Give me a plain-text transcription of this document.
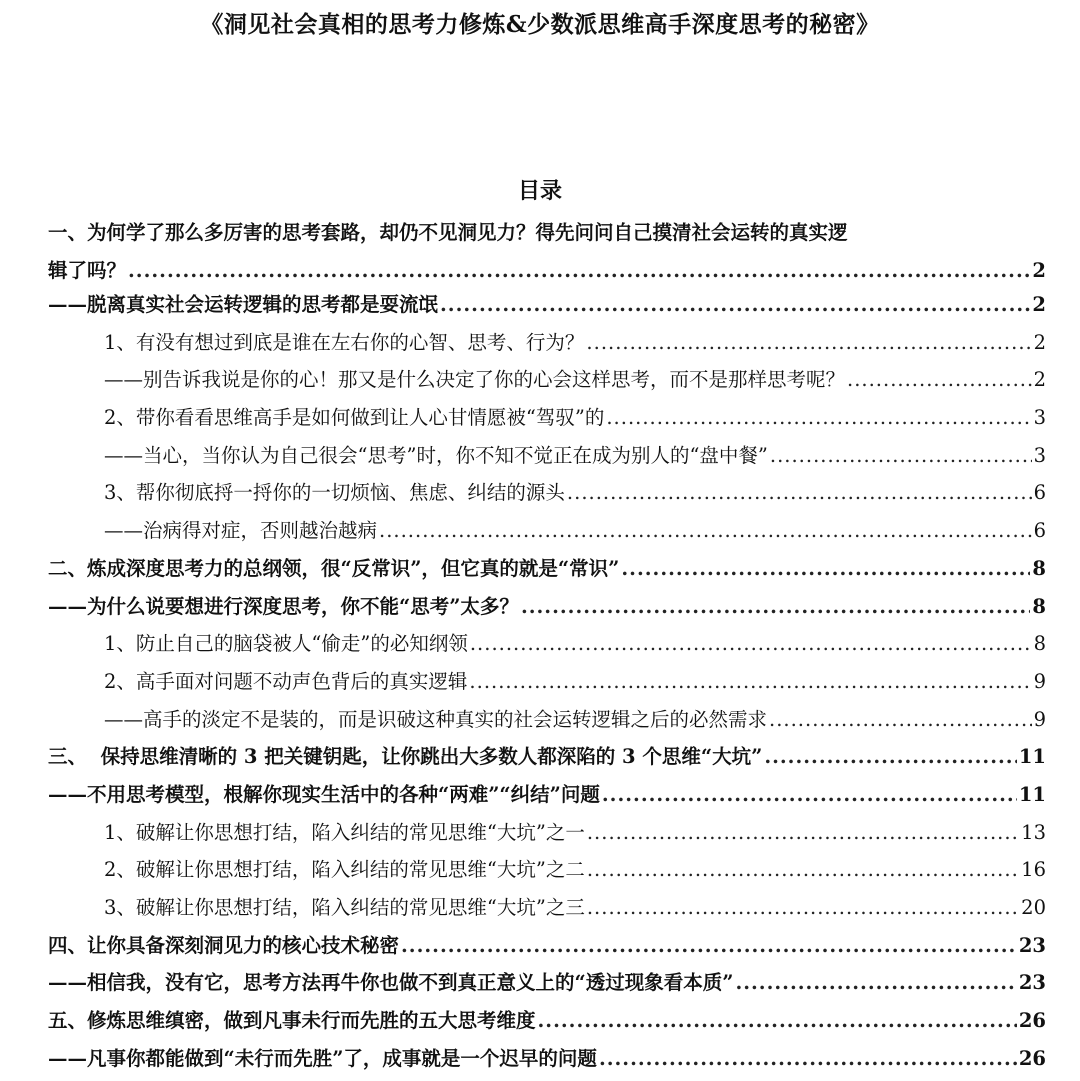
《洞见社会真相的思考力修炼&少数派思维高手深度思考的秘密》
目录
一、为何学了那么多厉害的思考套路，却仍不见洞见力？得先问问自己摸清社会运转的真实逻
辑了吗？ .....	2
——脱离真实社会运转逻辑的思考都是耍流氓 .....	2
1、有没有想过到底是谁在左右你的心智、思考、行为？ .....	2
——别告诉我说是你的心！那又是什么决定了你的心会这样思考，而不是那样思考呢？ .....	2
2、带你看看思维高手是如何做到让人心甘情愿被“驾驭”的 .....	3
——当心，当你认为自己很会“思考”时，你不知不觉正在成为别人的“盘中餐” .....	3
3、帮你彻底捋一捋你的一切烦恼、焦虑、纠结的源头 .....	6
——治病得对症，否则越治越病 .....	6
二、炼成深度思考力的总纲领，很“反常识”，但它真的就是“常识” .....	8
——为什么说要想进行深度思考，你不能“思考”太多？ .....	8
1、防止自己的脑袋被人“偷走”的必知纲领 .....	8
2、高手面对问题不动声色背后的真实逻辑 .....	9
——高手的淡定不是装的，而是识破这种真实的社会运转逻辑之后的必然需求 .....	9
三、  保持思维清晰的 3 把关键钥匙，让你跳出大多数人都深陷的 3 个思维“大坑” .....	11
——不用思考模型，根解你现实生活中的各种“两难”“纠结”问题 .....	11
1、破解让你思想打结，陷入纠结的常见思维“大坑”之一 .....	13
2、破解让你思想打结，陷入纠结的常见思维“大坑”之二 .....	16
3、破解让你思想打结，陷入纠结的常见思维“大坑”之三 .....	20
四、让你具备深刻洞见力的核心技术秘密 .....	23
——相信我，没有它，思考方法再牛你也做不到真正意义上的“透过现象看本质” .....	23
五、修炼思维缜密，做到凡事未行而先胜的五大思考维度 .....	26
——凡事你都能做到“未行而先胜”了，成事就是一个迟早的问题 .....	26
